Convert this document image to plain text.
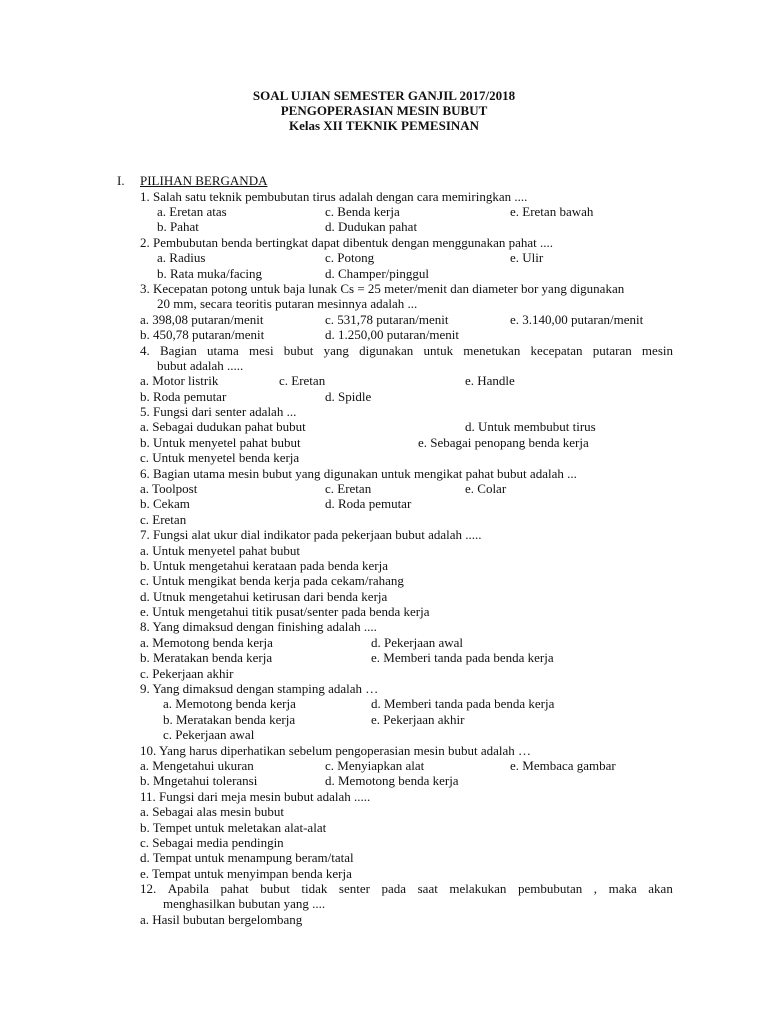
SOAL UJIAN SEMESTER GANJIL 2017/2018
PENGOPERASIAN MESIN BUBUT
Kelas XII TEKNIK PEMESINAN
I. PILIHAN BERGANDA
1. Salah satu teknik pembubutan tirus adalah dengan cara memiringkan ....
a. Eretan atas	c. Benda kerja	e. Eretan bawah
b. Pahat	d. Dudukan pahat
2. Pembubutan benda bertingkat dapat dibentuk dengan menggunakan pahat ....
a. Radius	c. Potong	e. Ulir
b. Rata muka/facing	d. Champer/pinggul
3. Kecepatan potong untuk baja lunak Cs = 25 meter/menit dan diameter bor yang digunakan
20 mm, secara teoritis putaran mesinnya adalah ...
a. 398,08 putaran/menit	c. 531,78 putaran/menit	e. 3.140,00 putaran/menit
b. 450,78 putaran/menit	d. 1.250,00 putaran/menit
4. Bagian utama mesi bubut yang digunakan untuk menetukan kecepatan putaran mesin
bubut adalah .....
a. Motor listrik	c. Eretan	e. Handle
b. Roda pemutar	d. Spidle
5. Fungsi dari senter adalah ...
a. Sebagai dudukan pahat bubut	d. Untuk membubut tirus
b. Untuk menyetel pahat bubut	e. Sebagai penopang benda kerja
c. Untuk menyetel benda kerja
6. Bagian utama mesin bubut yang digunakan untuk mengikat pahat bubut adalah ...
a. Toolpost	c. Eretan	e. Colar
b. Cekam	d. Roda pemutar
c. Eretan
7. Fungsi alat ukur dial indikator pada pekerjaan bubut adalah .....
a. Untuk menyetel pahat bubut
b. Untuk mengetahui kerataan pada benda kerja
c. Untuk mengikat benda kerja pada cekam/rahang
d. Utnuk mengetahui ketirusan dari benda kerja
e. Untuk mengetahui titik pusat/senter pada benda kerja
8. Yang dimaksud dengan finishing adalah ....
a. Memotong benda kerja	d. Pekerjaan awal
b. Meratakan benda kerja	e. Memberi tanda pada benda kerja
c. Pekerjaan akhir
9. Yang dimaksud dengan stamping adalah …
a. Memotong benda kerja	d. Memberi tanda pada benda kerja
b. Meratakan benda kerja	e. Pekerjaan akhir
c. Pekerjaan awal
10. Yang harus diperhatikan sebelum pengoperasian mesin bubut adalah …
a. Mengetahui ukuran	c. Menyiapkan alat	e. Membaca gambar
b. Mngetahui toleransi	d. Memotong benda kerja
11. Fungsi dari meja mesin bubut adalah .....
a. Sebagai alas mesin bubut
b. Tempet untuk meletakan alat-alat
c. Sebagai media pendingin
d. Tempat untuk menampung beram/tatal
e. Tempat untuk menyimpan benda kerja
12. Apabila pahat bubut tidak senter pada saat melakukan pembubutan , maka akan
menghasilkan bubutan yang ....
a. Hasil bubutan bergelombang
